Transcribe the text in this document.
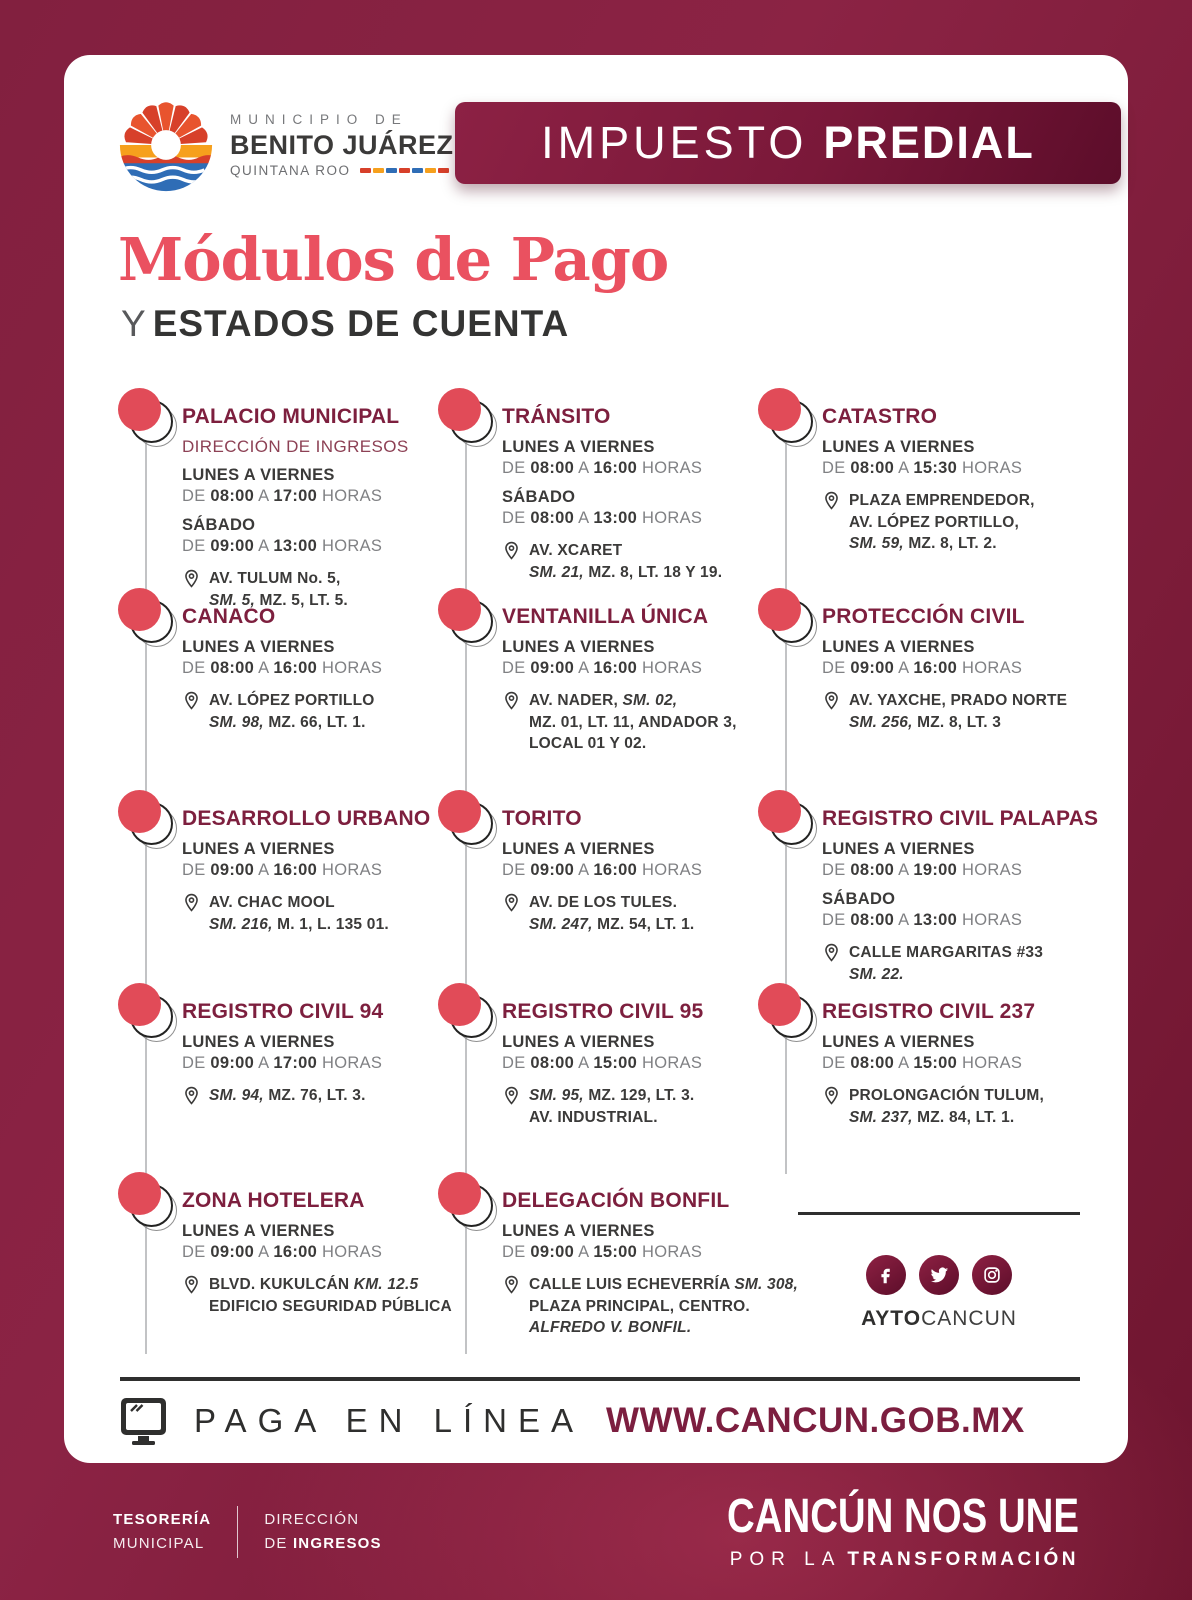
MUNICIPIO DE
BENITO JUÁREZ
QUINTANA ROO
IMPUESTO PREDIAL
Módulos de Pago
Y ESTADOS DE CUENTA
PALACIO MUNICIPAL
DIRECCIÓN DE INGRESOS
LUNES A VIERNES
DE 08:00 A 17:00 HORAS
SÁBADO
DE 09:00 A 13:00 HORAS
AV. TULUM No. 5,
SM. 5, MZ. 5, LT. 5.
TRÁNSITO
LUNES A VIERNES
DE 08:00 A 16:00 HORAS
SÁBADO
DE 08:00 A 13:00 HORAS
AV. XCARET
SM. 21, MZ. 8, LT. 18 Y 19.
CATASTRO
LUNES A VIERNES
DE 08:00 A 15:30 HORAS
PLAZA EMPRENDEDOR,
AV. LÓPEZ PORTILLO,
SM. 59, MZ. 8, LT. 2.
CANACO
LUNES A VIERNES
DE 08:00 A 16:00 HORAS
AV. LÓPEZ PORTILLO
SM. 98, MZ. 66, LT. 1.
VENTANILLA ÚNICA
LUNES A VIERNES
DE 09:00 A 16:00 HORAS
AV. NADER, SM. 02,
MZ. 01, LT. 11, ANDADOR 3,
LOCAL 01 Y 02.
PROTECCIÓN CIVIL
LUNES A VIERNES
DE 09:00 A 16:00 HORAS
AV. YAXCHE, PRADO NORTE
SM. 256, MZ. 8, LT. 3
DESARROLLO URBANO
LUNES A VIERNES
DE 09:00 A 16:00 HORAS
AV. CHAC MOOL
SM. 216, M. 1, L. 135 01.
TORITO
LUNES A VIERNES
DE 09:00 A 16:00 HORAS
AV. DE LOS TULES.
SM. 247, MZ. 54, LT. 1.
REGISTRO CIVIL PALAPAS
LUNES A VIERNES
DE 08:00 A 19:00 HORAS
SÁBADO
DE 08:00 A 13:00 HORAS
CALLE MARGARITAS #33
SM. 22.
REGISTRO CIVIL 94
LUNES A VIERNES
DE 09:00 A 17:00 HORAS
SM. 94, MZ. 76, LT. 3.
REGISTRO CIVIL 95
LUNES A VIERNES
DE 08:00 A 15:00 HORAS
SM. 95, MZ. 129, LT. 3.
AV. INDUSTRIAL.
REGISTRO CIVIL 237
LUNES A VIERNES
DE 08:00 A 15:00 HORAS
PROLONGACIÓN TULUM,
SM. 237, MZ. 84, LT. 1.
ZONA HOTELERA
LUNES A VIERNES
DE 09:00 A 16:00 HORAS
BLVD. KUKULCÁN KM. 12.5
EDIFICIO SEGURIDAD PÚBLICA
DELEGACIÓN BONFIL
LUNES A VIERNES
DE 09:00 A 15:00 HORAS
CALLE LUIS ECHEVERRÍA SM. 308,
PLAZA PRINCIPAL, CENTRO.
ALFREDO V. BONFIL.	AYTOCANCUN
PAGA EN LÍNEA WWW.CANCUN.GOB.MX
TESORERÍA
MUNICIPAL
DIRECCIÓN
DE INGRESOS
CANCÚN NOS UNE
POR LA TRANSFORMACIÓN
